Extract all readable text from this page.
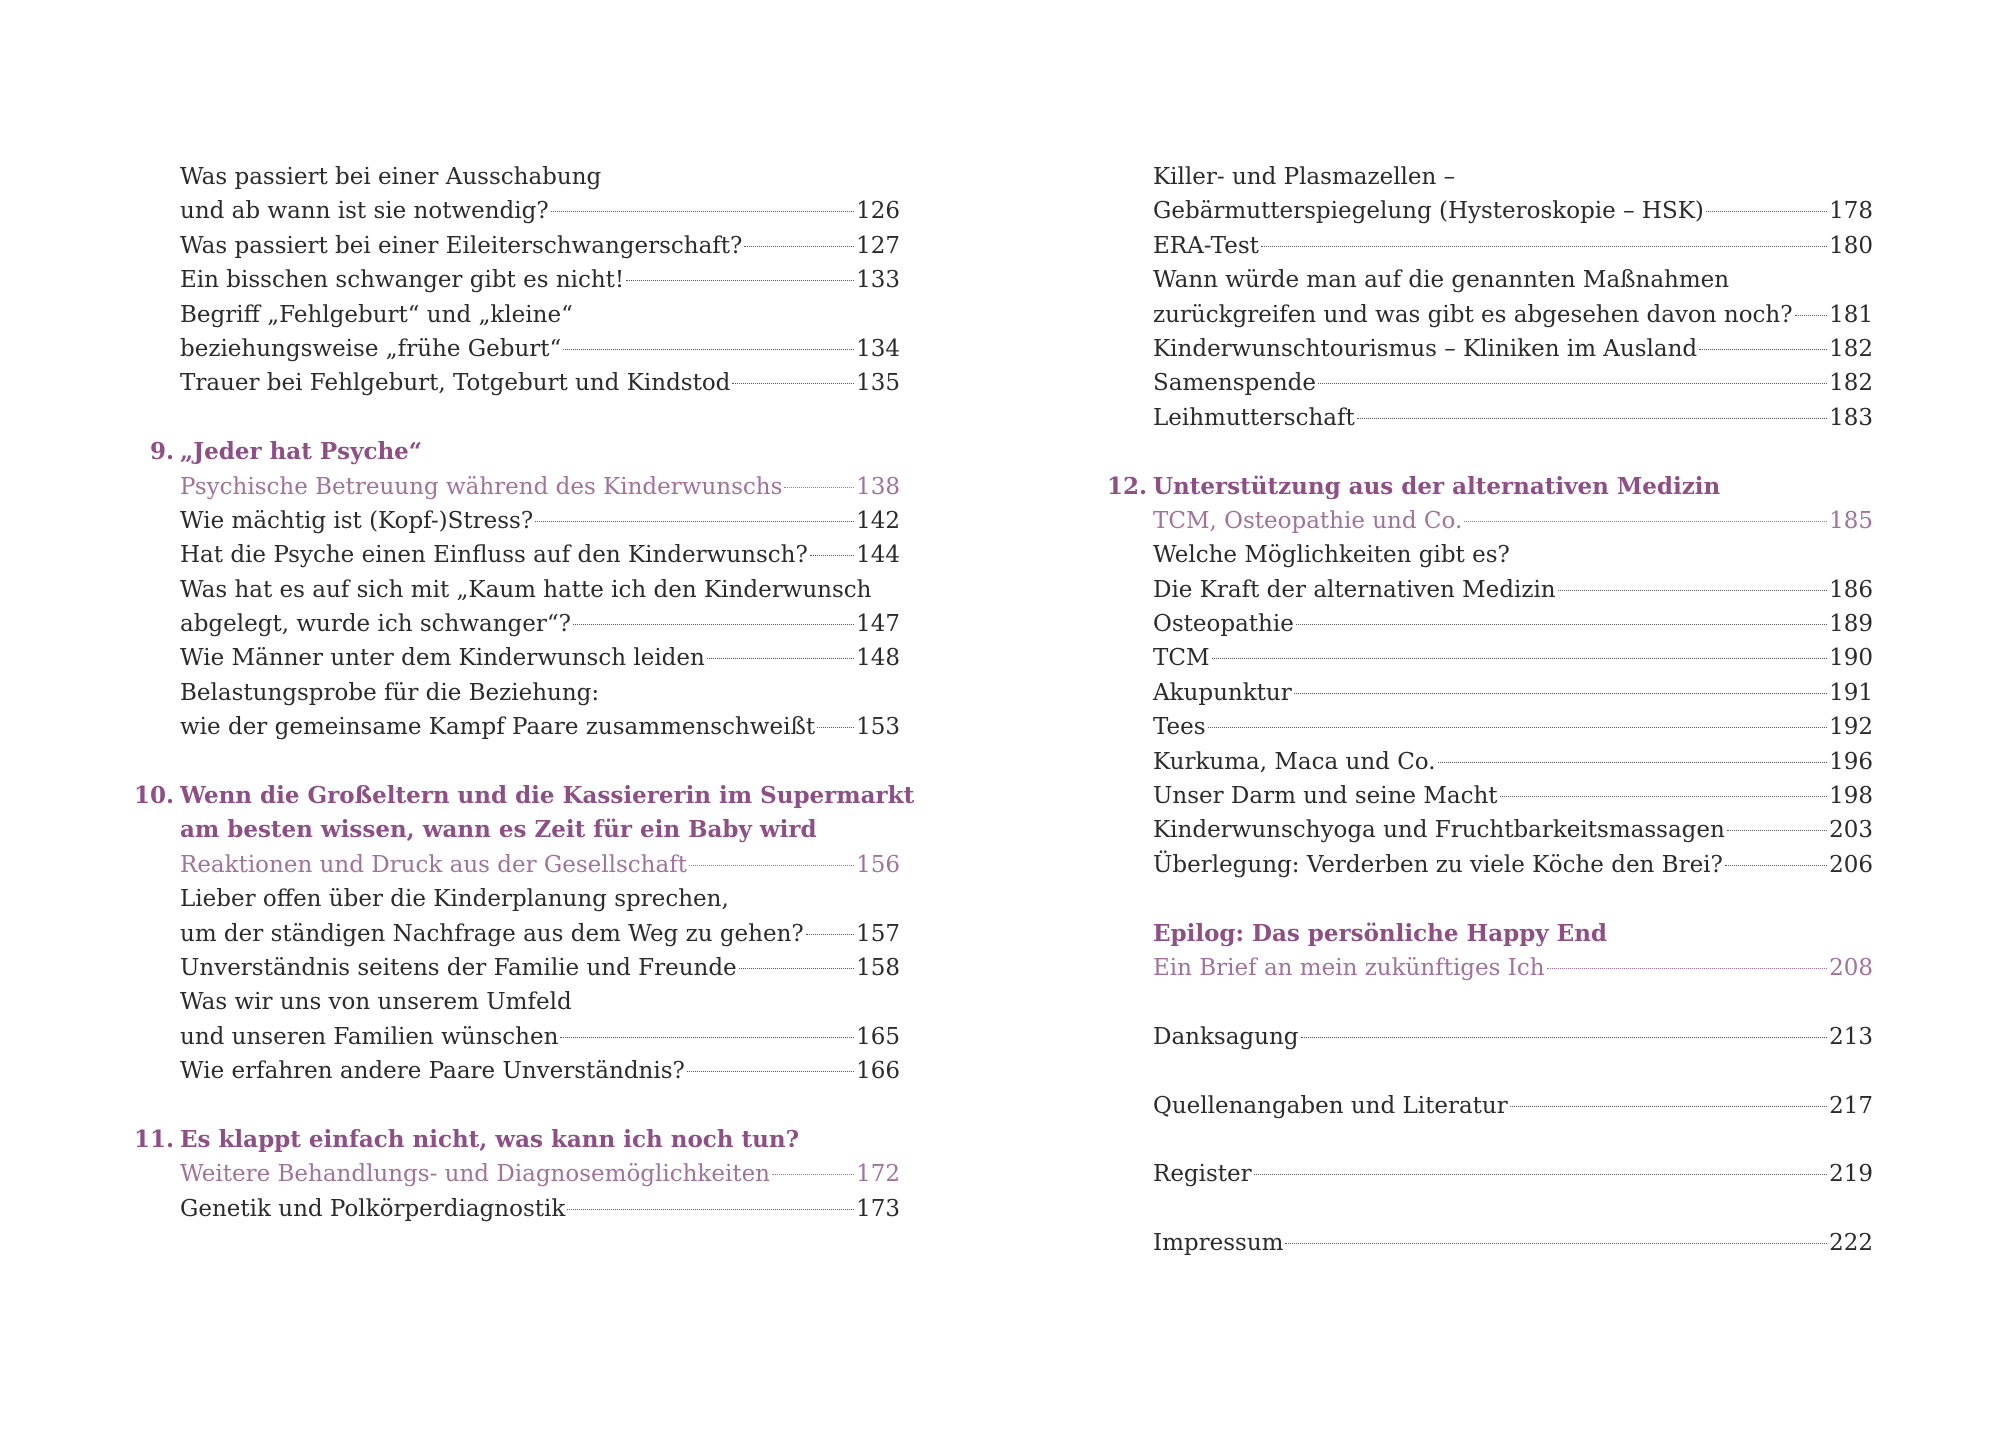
Was passiert bei einer Ausschabung
und ab wann ist sie notwendig?	126
Was passiert bei einer Eileiterschwangerschaft?	127
Ein bisschen schwanger gibt es nicht!	133
Begriff „Fehlgeburt“ und „kleine“
beziehungsweise „frühe Geburt“	134
Trauer bei Fehlgeburt, Totgeburt und Kindstod	135
9. „Jeder hat Psyche“
Psychische Betreuung während des Kinderwunschs	138
Wie mächtig ist (Kopf-)Stress?	142
Hat die Psyche einen Einfluss auf den Kinderwunsch? 144
Was hat es auf sich mit „Kaum hatte ich den Kinderwunsch
abgelegt, wurde ich schwanger“?	147
Wie Männer unter dem Kinderwunsch leiden	148
Belastungsprobe für die Beziehung:
wie der gemeinsame Kampf Paare zusammenschweißt 153
10. Wenn die Großeltern und die Kassiererin im Supermarkt
am besten wissen, wann es Zeit für ein Baby wird
Reaktionen und Druck aus der Gesellschaft	156
Lieber offen über die Kinderplanung sprechen,
um der ständigen Nachfrage aus dem Weg zu gehen? 157
Unverständnis seitens der Familie und Freunde	158
Was wir uns von unserem Umfeld
und unseren Familien wünschen	165
Wie erfahren andere Paare Unverständnis?	166
11. Es klappt einfach nicht, was kann ich noch tun?
Weitere Behandlungs- und Diagnosemöglichkeiten	172
Genetik und Polkörperdiagnostik	173
Killer- und Plasmazellen –
Gebärmutterspiegelung (Hysteroskopie – HSK)	178
ERA-Test	180
Wann würde man auf die genannten Maßnahmen
zurückgreifen und was gibt es abgesehen davon noch? 181
Kinderwunschtourismus – Kliniken im Ausland	182
Samenspende	182
Leihmutterschaft	183
12. Unterstützung aus der alternativen Medizin
TCM, Osteopathie und Co.	185
Welche Möglichkeiten gibt es?
Die Kraft der alternativen Medizin	186
Osteopathie	189
TCM	190
Akupunktur	191
Tees	192
Kurkuma, Maca und Co.	196
Unser Darm und seine Macht	198
Kinderwunschyoga und Fruchtbarkeitsmassagen	203
Überlegung: Verderben zu viele Köche den Brei?	206
Epilog: Das persönliche Happy End
Ein Brief an mein zukünftiges Ich	208
Danksagung	213
Quellenangaben und Literatur	217
Register	219
Impressum	222
